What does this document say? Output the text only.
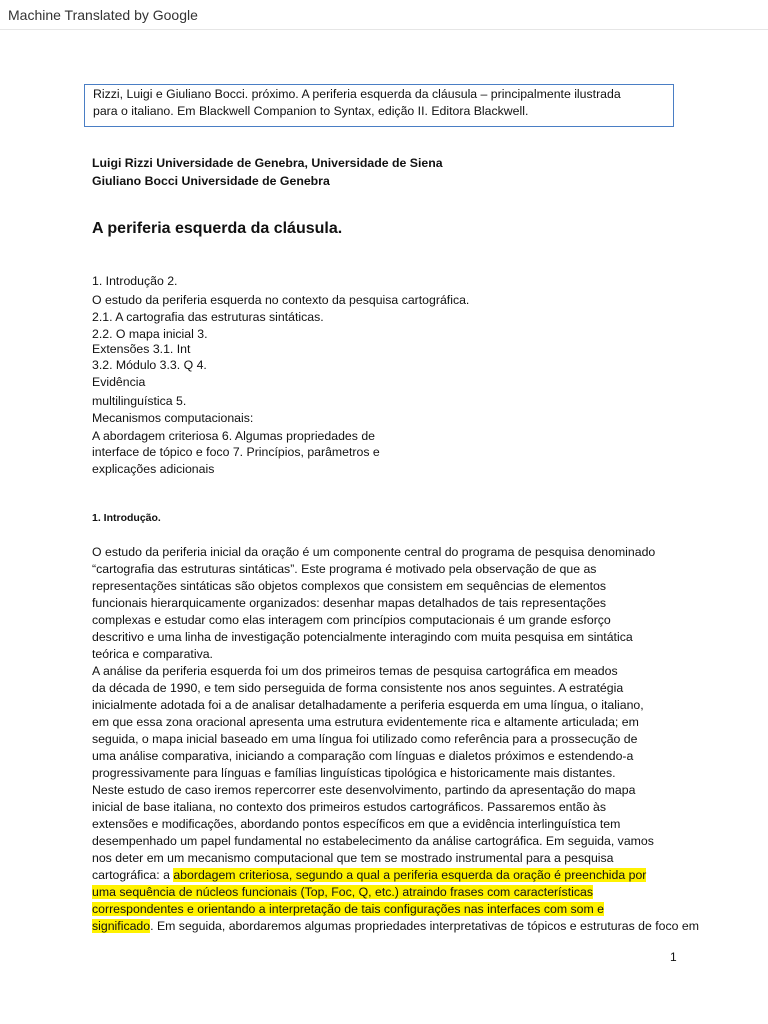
Machine Translated by Google
Rizzi, Luigi e Giuliano Bocci. próximo. A periferia esquerda da cláusula – principalmente ilustrada
para o italiano. Em Blackwell Companion to Syntax, edição II. Editora Blackwell.
Luigi Rizzi Universidade de Genebra, Universidade de Siena
Giuliano Bocci Universidade de Genebra
A periferia esquerda da cláusula.
1. Introdução 2.
O estudo da periferia esquerda no contexto da pesquisa cartográfica.
2.1. A cartografia das estruturas sintáticas.
2.2. O mapa inicial 3.
Extensões 3.1. Int
3.2. Módulo 3.3. Q 4.
Evidência
multilinguística 5.
Mecanismos computacionais:
A abordagem criteriosa 6. Algumas propriedades de
interface de tópico e foco 7. Princípios, parâmetros e
explicações adicionais
1. Introdução.
O estudo da periferia inicial da oração é um componente central do programa de pesquisa denominado
“cartografia das estruturas sintáticas”. Este programa é motivado pela observação de que as
representações sintáticas são objetos complexos que consistem em sequências de elementos
funcionais hierarquicamente organizados: desenhar mapas detalhados de tais representações
complexas e estudar como elas interagem com princípios computacionais é um grande esforço
descritivo e uma linha de investigação potencialmente interagindo com muita pesquisa em sintática
teórica e comparativa.
A análise da periferia esquerda foi um dos primeiros temas de pesquisa cartográfica em meados
da década de 1990, e tem sido perseguida de forma consistente nos anos seguintes. A estratégia
inicialmente adotada foi a de analisar detalhadamente a periferia esquerda em uma língua, o italiano,
em que essa zona oracional apresenta uma estrutura evidentemente rica e altamente articulada; em
seguida, o mapa inicial baseado em uma língua foi utilizado como referência para a prossecução de
uma análise comparativa, iniciando a comparação com línguas e dialetos próximos e estendendo-a
progressivamente para línguas e famílias linguísticas tipológica e historicamente mais distantes.
Neste estudo de caso iremos repercorrer este desenvolvimento, partindo da apresentação do mapa
inicial de base italiana, no contexto dos primeiros estudos cartográficos. Passaremos então às
extensões e modificações, abordando pontos específicos em que a evidência interlinguística tem
desempenhado um papel fundamental no estabelecimento da análise cartográfica. Em seguida, vamos
nos deter em um mecanismo computacional que tem se mostrado instrumental para a pesquisa
cartográfica: a abordagem criteriosa, segundo a qual a periferia esquerda da oração é preenchida por
uma sequência de núcleos funcionais (Top, Foc, Q, etc.) atraindo frases com características
correspondentes e orientando a interpretação de tais configurações nas interfaces com som e
significado. Em seguida, abordaremos algumas propriedades interpretativas de tópicos e estruturas de foco em
1
